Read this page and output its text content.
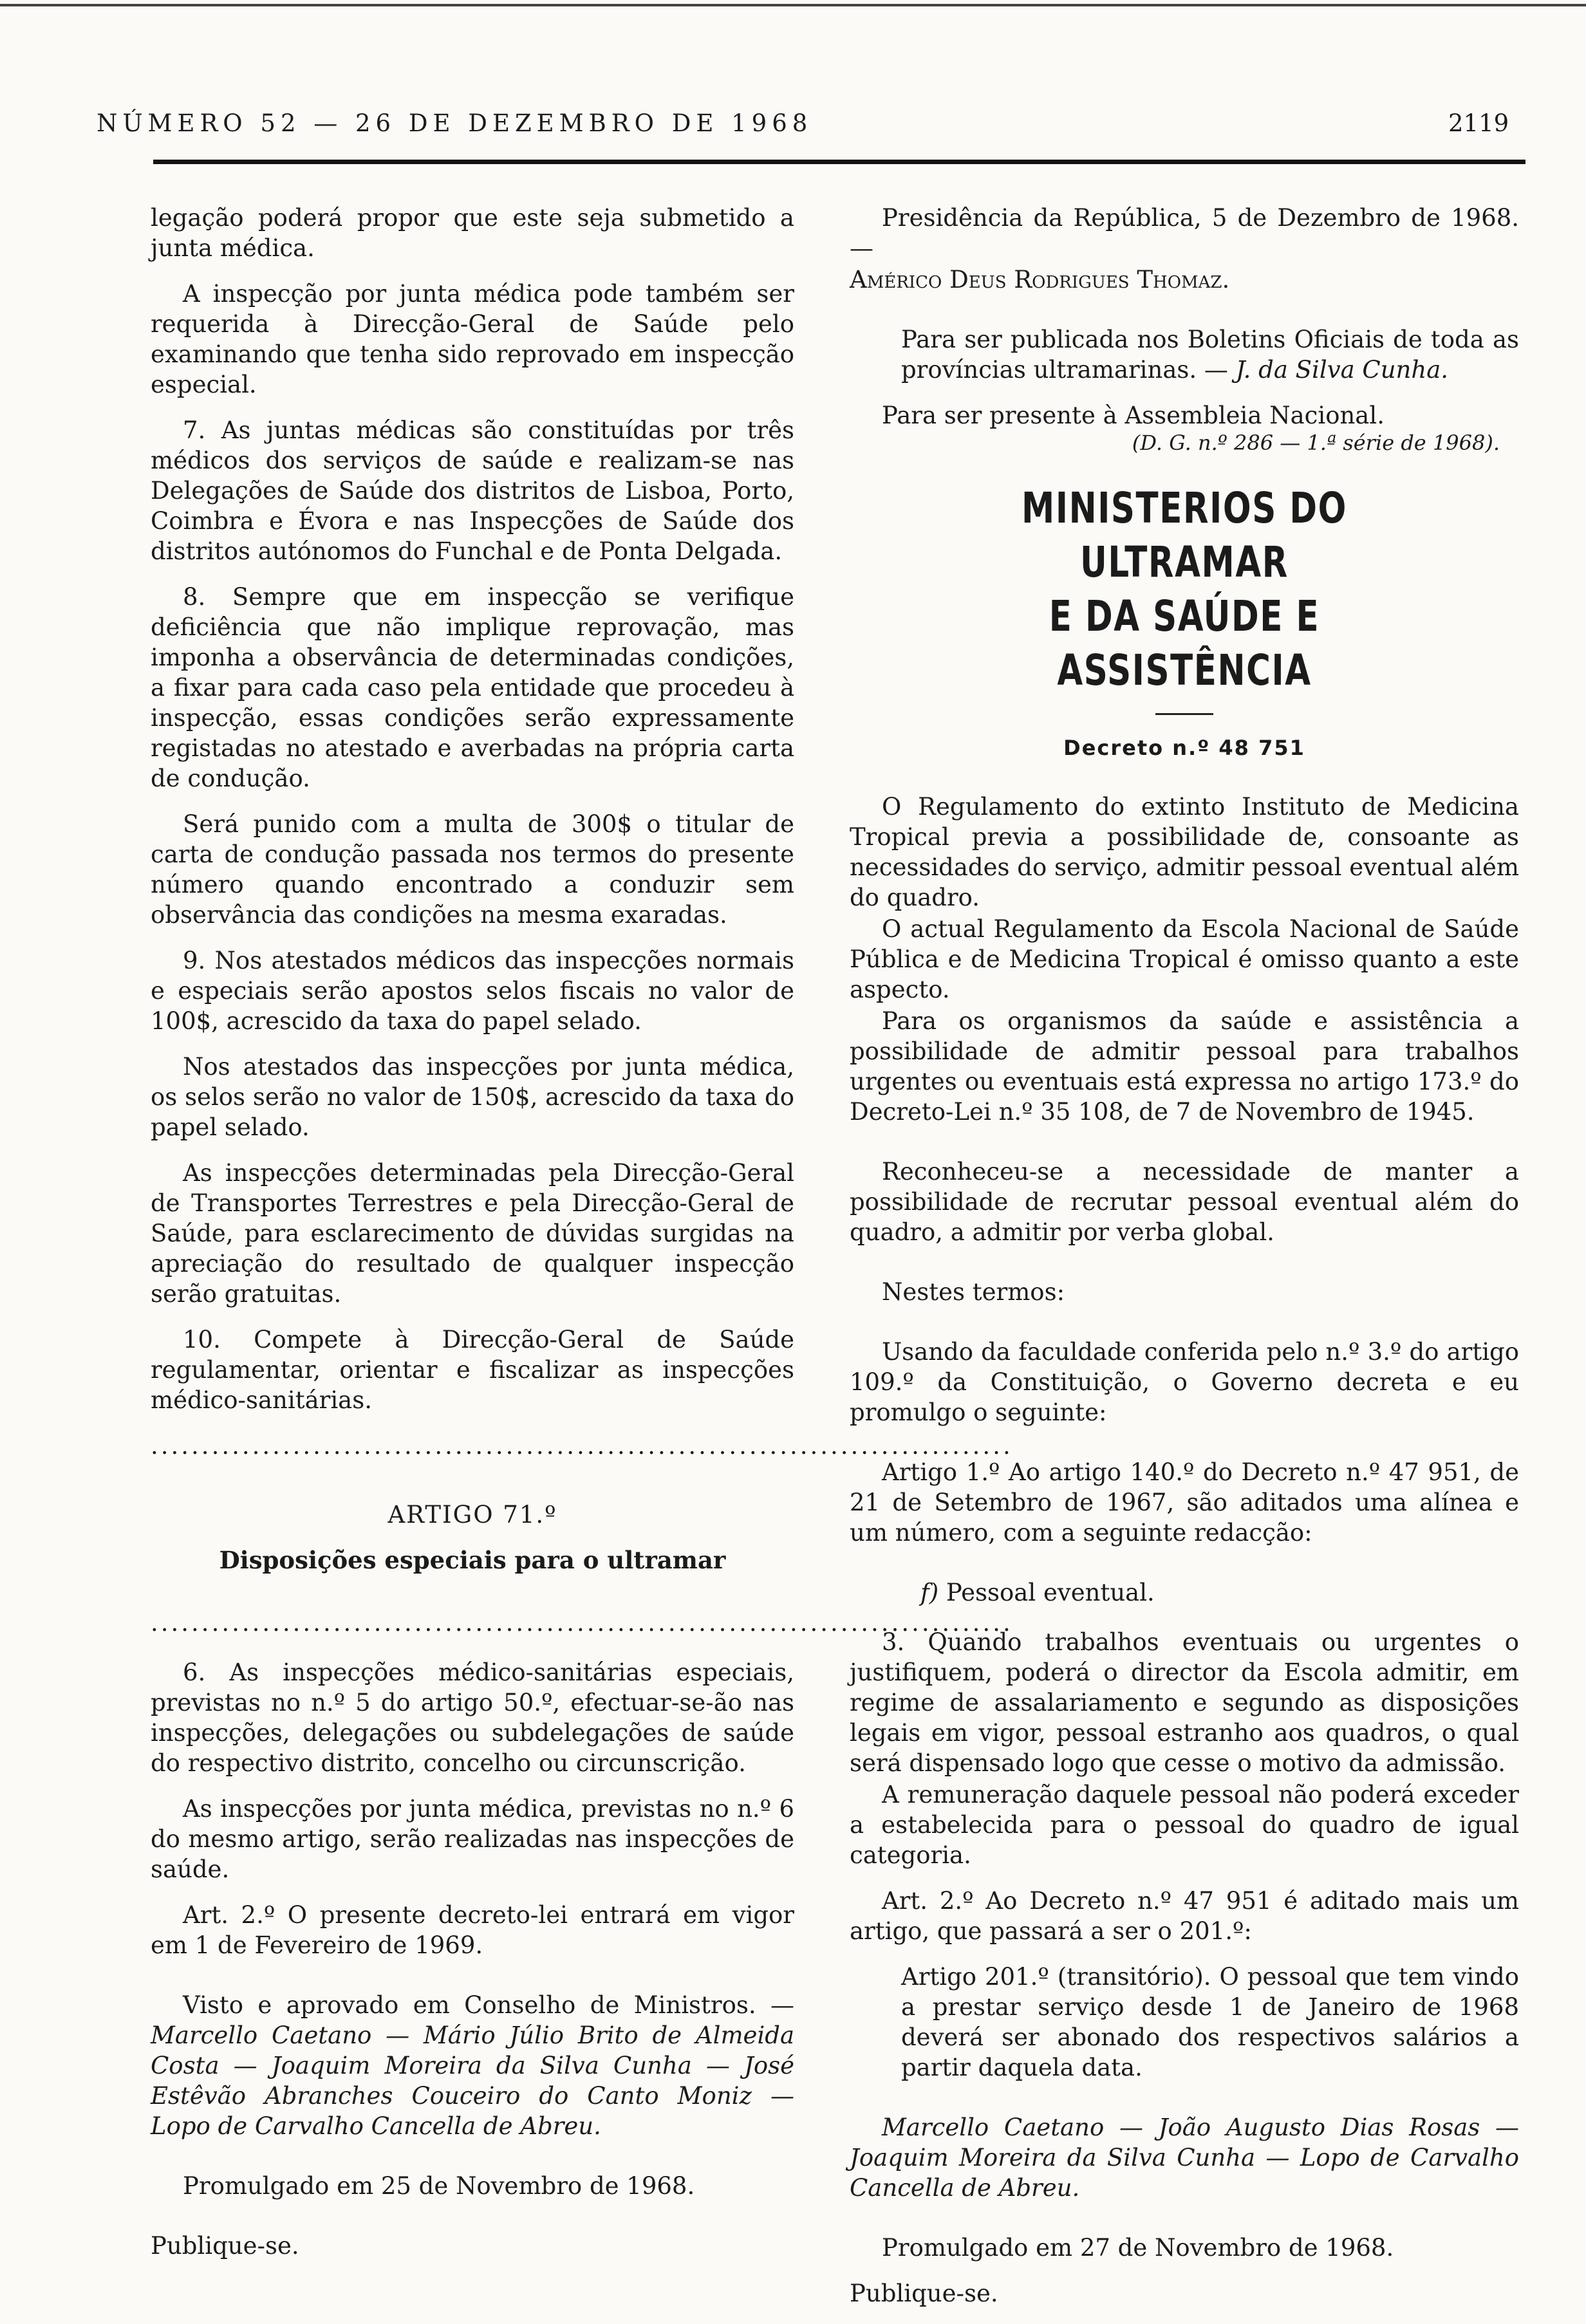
NÚMERO 52 — 26 DE DEZEMBRO DE 1968	2119

legação poderá propor que este seja submetido a junta médica.

A inspecção por junta médica pode também ser requerida à Direcção-Geral de Saúde pelo examinando que tenha sido reprovado em inspecção especial.

7. As juntas médicas são constituídas por três médicos dos serviços de saúde e realizam-se nas Delegações de Saúde dos distritos de Lisboa, Porto, Coimbra e Évora e nas Inspecções de Saúde dos distritos autónomos do Funchal e de Ponta Delgada.

8. Sempre que em inspecção se verifique deficiência que não implique reprovação, mas imponha a observância de determinadas condições, a fixar para cada caso pela entidade que procedeu à inspecção, essas condições serão expressamente registadas no atestado e averbadas na própria carta de condução.

Será punido com a multa de 300$ o titular de carta de condução passada nos termos do presente número quando encontrado a conduzir sem observância das condições na mesma exaradas.

9. Nos atestados médicos das inspecções normais e especiais serão apostos selos fiscais no valor de 100$, acrescido da taxa do papel selado.

Nos atestados das inspecções por junta médica, os selos serão no valor de 150$, acrescido da taxa do papel selado.

As inspecções determinadas pela Direcção-Geral de Transportes Terrestres e pela Direcção-Geral de Saúde, para esclarecimento de dúvidas surgidas na apreciação do resultado de qualquer inspecção serão gratuitas.

10. Compete à Direcção-Geral de Saúde regulamentar, orientar e fiscalizar as inspecções médico-sanitárias.

.....................................................................................
ARTIGO 71.º
Disposições especiais para o ultramar
.....................................................................................

6. As inspecções médico-sanitárias especiais, previstas no n.º 5 do artigo 50.º, efectuar-se-ão nas inspecções, delegações ou subdelegações de saúde do respectivo distrito, concelho ou circunscrição.

As inspecções por junta médica, previstas no n.º 6 do mesmo artigo, serão realizadas nas inspecções de saúde.

Art. 2.º O presente decreto-lei entrará em vigor em 1 de Fevereiro de 1969.

Visto e aprovado em Conselho de Ministros. — Marcello Caetano — Mário Júlio Brito de Almeida Costa — Joaquim Moreira da Silva Cunha — José Estêvão Abranches Couceiro do Canto Moniz — Lopo de Carvalho Cancella de Abreu.

Promulgado em 25 de Novembro de 1968.

Publique-se.

Presidência da República, 5 de Dezembro de 1968. —

Américo Deus Rodrigues Thomaz.

Para ser publicada nos Boletins Oficiais de toda as províncias ultramarinas. — J. da Silva Cunha.

Para ser presente à Assembleia Nacional.

(D. G. n.º 286 — 1.ª série de 1968).
MINISTERIOS DO ULTRAMAR
E DA SAÚDE E ASSISTÊNCIA
Decreto n.º 48 751

O Regulamento do extinto Instituto de Medicina Tropical previa a possibilidade de, consoante as necessidades do serviço, admitir pessoal eventual além do quadro.

O actual Regulamento da Escola Nacional de Saúde Pública e de Medicina Tropical é omisso quanto a este aspecto.

Para os organismos da saúde e assistência a possibilidade de admitir pessoal para trabalhos urgentes ou eventuais está expressa no artigo 173.º do Decreto-Lei n.º 35 108, de 7 de Novembro de 1945.

Reconheceu-se a necessidade de manter a possibilidade de recrutar pessoal eventual além do quadro, a admitir por verba global.

Nestes termos:

Usando da faculdade conferida pelo n.º 3.º do artigo 109.º da Constituição, o Governo decreta e eu promulgo o seguinte:

Artigo 1.º Ao artigo 140.º do Decreto n.º 47 951, de 21 de Setembro de 1967, são aditados uma alínea e um número, com a seguinte redacção:

f) Pessoal eventual.

3. Quando trabalhos eventuais ou urgentes o justifiquem, poderá o director da Escola admitir, em regime de assalariamento e segundo as disposições legais em vigor, pessoal estranho aos quadros, o qual será dispensado logo que cesse o motivo da admissão.

A remuneração daquele pessoal não poderá exceder a estabelecida para o pessoal do quadro de igual categoria.

Art. 2.º Ao Decreto n.º 47 951 é aditado mais um artigo, que passará a ser o 201.º:

Artigo 201.º (transitório). O pessoal que tem vindo a prestar serviço desde 1 de Janeiro de 1968 deverá ser abonado dos respectivos salários a partir daquela data.

Marcello Caetano — João Augusto Dias Rosas — Joaquim Moreira da Silva Cunha — Lopo de Carvalho Cancella de Abreu.

Promulgado em 27 de Novembro de 1968.

Publique-se.
